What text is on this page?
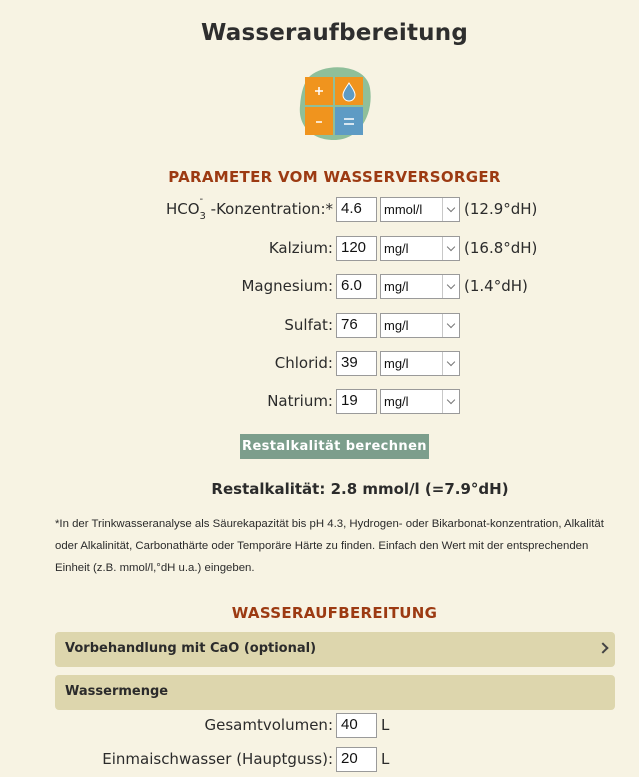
Wasseraufbereitung
PARAMETER VOM WASSERVERSORGER
$HCO_3$
-
-Konzentration:* 4.6	mmol/l	(12.9°dH)
Kalzium: 120	mg/l	(16.8°dH)
Magnesium: 6.0	mg/l	(1.4°dH)
Sulfat: 76	mg/l
Chlorid: 39	mg/l
Natrium: 19	mg/l
Restalkalität berechnen
Restalkalität: 2.8 mmol/l (=7.9°dH)
*In der Trinkwasseranalyse als Säurekapazität bis pH 4.3, Hydrogen- oder Bikarbonat-konzentration, Alkalität oder Alkalinität, Carbonathärte oder Temporäre Härte zu finden. Einfach den Wert mit der entsprechenden Einheit (z.B. mmol/l,°dH u.a.) eingeben.
WASSERAUFBEREITUNG
Vorbehandlung mit CaO (optional)
Wassermenge
Gesamtvolumen: 40	L
Einmaischwasser (Hauptguss): 20	L
